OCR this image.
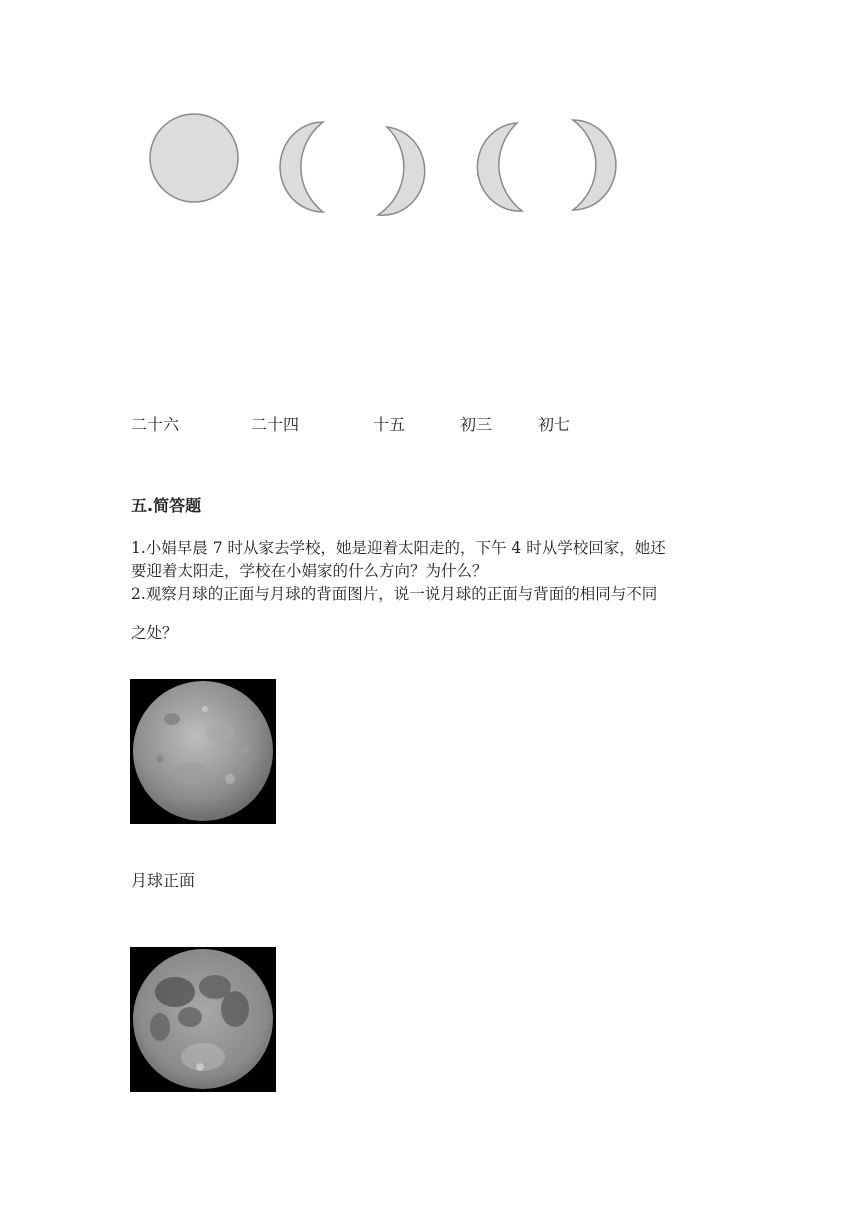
二十六	二十四	十五	初三	初七
五.简答题
1.小娟早晨 7 时从家去学校，她是迎着太阳走的，下午 4 时从学校回家，她还
要迎着太阳走，学校在小娟家的什么方向？为什么？
2.观察月球的正面与月球的背面图片，说一说月球的正面与背面的相同与不同
之处？
月球正面
